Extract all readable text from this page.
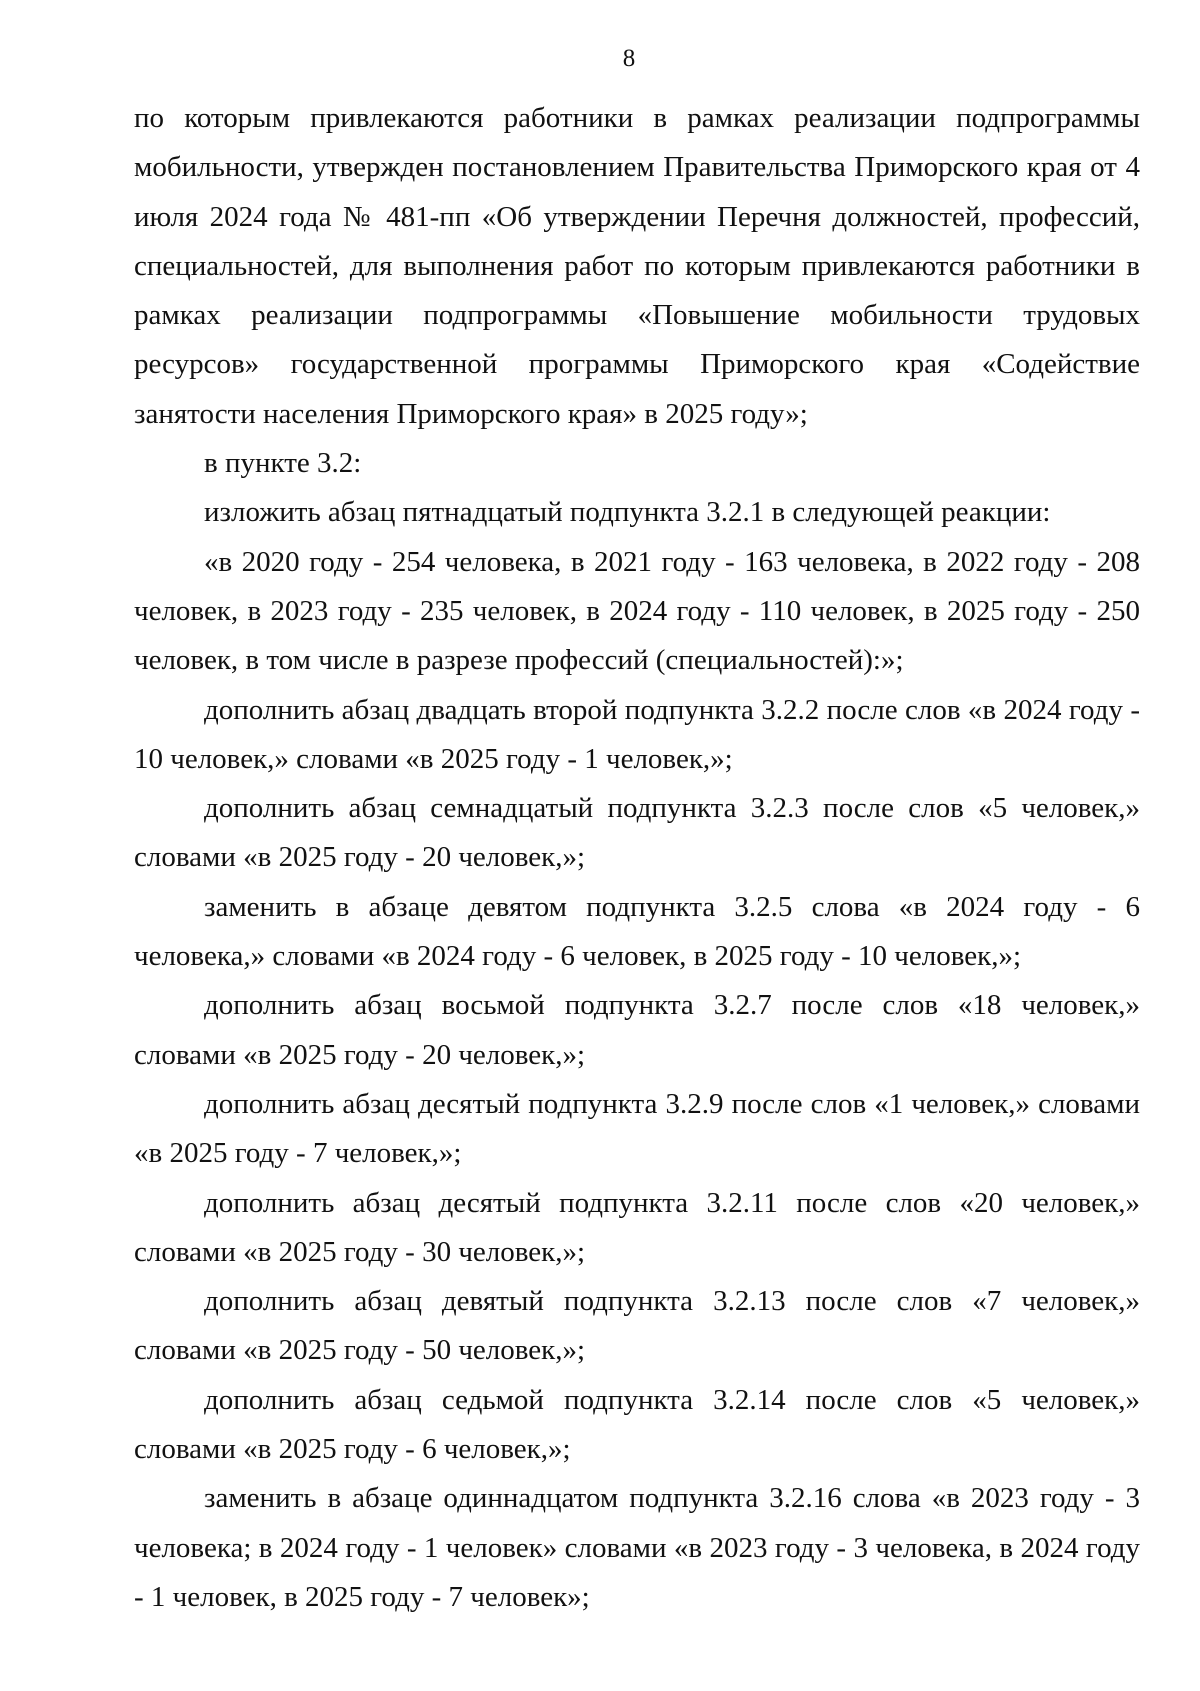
8

по которым привлекаются работники в рамках реализации подпрограммы мобильности, утвержден постановлением Правительства Приморского края от 4 июля 2024 года № 481-пп «Об утверждении Перечня должностей, профессий, специальностей, для выполнения работ по которым привлекаются работники в рамках реализации подпрограммы «Повышение мобильности трудовых ресурсов» государственной программы Приморского края «Содействие занятости населения Приморского края» в 2025 году»;

в пункте 3.2:

изложить абзац пятнадцатый подпункта 3.2.1 в следующей реакции:

«в 2020 году - 254 человека, в 2021 году - 163 человека, в 2022 году - 208 человек, в 2023 году - 235 человек, в 2024 году - 110 человек, в 2025 году - 250 человек, в том числе в разрезе профессий (специальностей):»;

дополнить абзац двадцать второй подпункта 3.2.2 после слов «в 2024 году - 10 человек,» словами «в 2025 году - 1 человек,»;

дополнить абзац семнадцатый подпункта 3.2.3 после слов «5 человек,» словами «в 2025 году - 20 человек,»;

заменить в абзаце девятом подпункта 3.2.5 слова «в 2024 году - 6 человека,» словами «в 2024 году - 6 человек, в 2025 году - 10 человек,»;

дополнить абзац восьмой подпункта 3.2.7 после слов «18 человек,» словами «в 2025 году - 20 человек,»;

дополнить абзац десятый подпункта 3.2.9 после слов «1 человек,» словами «в 2025 году - 7 человек,»;

дополнить абзац десятый подпункта 3.2.11 после слов «20 человек,» словами «в 2025 году - 30 человек,»;

дополнить абзац девятый подпункта 3.2.13 после слов «7 человек,» словами «в 2025 году - 50 человек,»;

дополнить абзац седьмой подпункта 3.2.14 после слов «5 человек,» словами «в 2025 году - 6 человек,»;

заменить в абзаце одиннадцатом подпункта 3.2.16 слова «в 2023 году - 3 человека; в 2024 году - 1 человек» словами «в 2023 году - 3 человека, в 2024 году - 1 человек, в 2025 году - 7 человек»;
